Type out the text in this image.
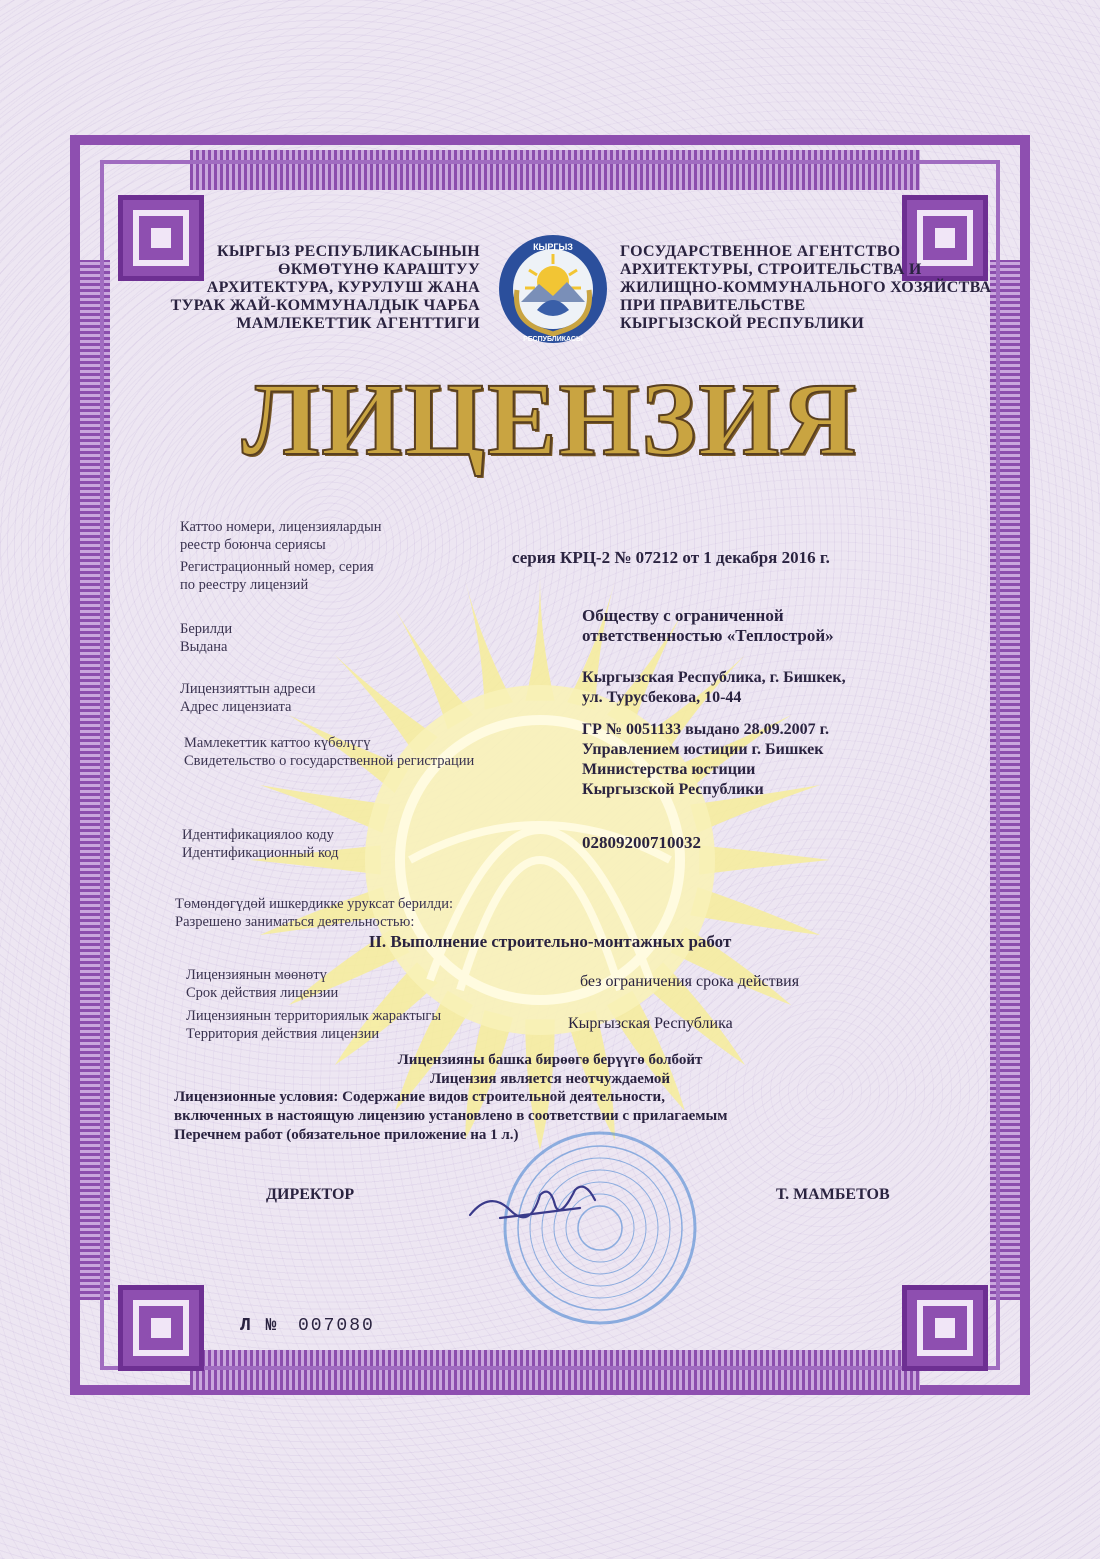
КЫРГЫЗ РЕСПУБЛИКАСЫНЫН
ӨКМӨТҮНӨ КАРАШТУУ
АРХИТЕКТУРА, КУРУЛУШ ЖАНА
ТУРАК ЖАЙ-КОММУНАЛДЫК ЧАРБА
МАМЛЕКЕТТИК АГЕНТТИГИ
КЫРГЫЗ
РЕСПУБЛИКАСЫ
ГОСУДАРСТВЕННОЕ АГЕНТСТВО
АРХИТЕКТУРЫ, СТРОИТЕЛЬСТВА И
ЖИЛИЩНО-КОММУНАЛЬНОГО ХОЗЯЙСТВА
ПРИ ПРАВИТЕЛЬСТВЕ
КЫРГЫЗСКОЙ РЕСПУБЛИКИ
ЛИЦЕНЗИЯ
Каттоо номери, лицензиялардын
реестр боюнча сериясы
Регистрационный номер, серия
по реестру лицензий
серия КРЦ-2 № 07212 от 1 декабря 2016 г.
Берилди
Выдана
Обществу с ограниченной
ответственностью «Теплострой»
Лицензияттын адреси
Адрес лицензиата
Кыргызская Республика, г. Бишкек,
ул. Турусбекова, 10-44
Мамлекеттик каттоо күбөлүгү
Свидетельство о государственной регистрации
ГР № 0051133 выдано 28.09.2007 г.
Управлением юстиции г. Бишкек
Министерства юстиции
Кыргызской Республики
Идентификациялоо коду
Идентификационный код
02809200710032
Төмөндөгүдөй ишкердикке уруксат берилди:
Разрешено заниматься деятельностью:
II. Выполнение строительно-монтажных работ
Лицензиянын мөөнөтү
Срок действия лицензии
без ограничения срока действия
Лицензиянын территориялык жарактыгы
Территория действия лицензии
Кыргызская Республика
Лицензияны башка бирөөгө берүүгө болбойт
Лицензия является неотчуждаемой
Лицензионные условия: Содержание видов строительной деятельности,
включенных в настоящую лицензию установлено в соответствии с прилагаемым
Перечнем работ (обязательное приложение на 1 л.)
ДИРЕКТОР	Т. МАМБЕТОВ
Л № 007080
